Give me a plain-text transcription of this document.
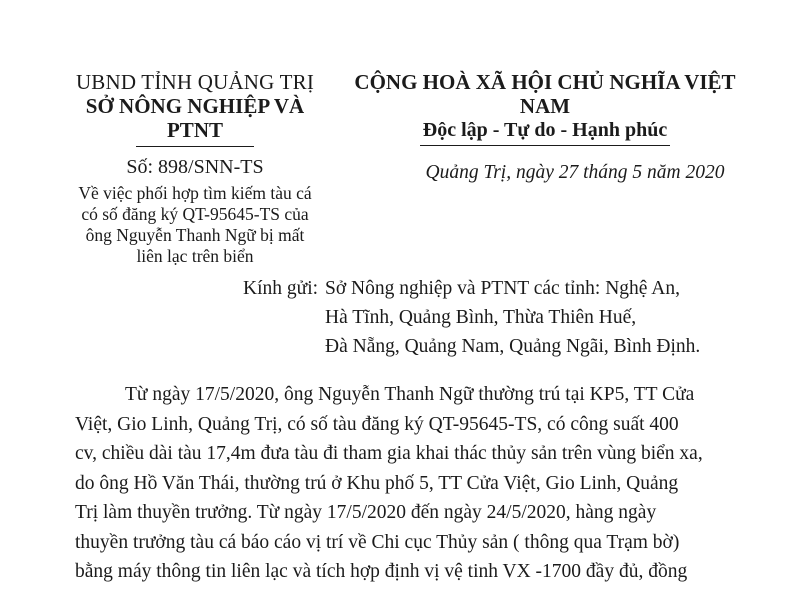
UBND TỈNH QUẢNG TRỊ
SỞ NÔNG NGHIỆP VÀ PTNT
Số: 898/SNN-TS
Về việc phối hợp tìm kiếm tàu cá
có số đăng ký QT-95645-TS của
ông Nguyễn Thanh Ngữ bị mất
liên lạc trên biển
CỘNG HOÀ XÃ HỘI CHỦ NGHĨA VIỆT NAM
Độc lập - Tự do - Hạnh phúc
Quảng Trị, ngày 27 tháng 5 năm 2020
Kính gửi: Sở Nông nghiệp và PTNT các tỉnh: Nghệ An,
Hà Tĩnh, Quảng Bình, Thừa Thiên Huế,
Đà Nẵng, Quảng Nam, Quảng Ngãi, Bình Định.
Từ ngày 17/5/2020, ông Nguyễn Thanh Ngữ thường trú tại KP5, TT Cửa
Việt, Gio Linh, Quảng Trị, có số tàu đăng ký QT-95645-TS, có công suất 400
cv, chiều dài tàu 17,4m đưa tàu đi tham gia khai thác thủy sản trên vùng biển xa,
do ông Hồ Văn Thái, thường trú ở Khu phố 5, TT Cửa Việt, Gio Linh, Quảng
Trị làm thuyền trưởng. Từ ngày 17/5/2020 đến ngày 24/5/2020, hàng ngày
thuyền trưởng tàu cá báo cáo vị trí về Chi cục Thủy sản ( thông qua Trạm bờ)
bằng máy thông tin liên lạc và tích hợp định vị vệ tinh VX -1700 đầy đủ, đồng
